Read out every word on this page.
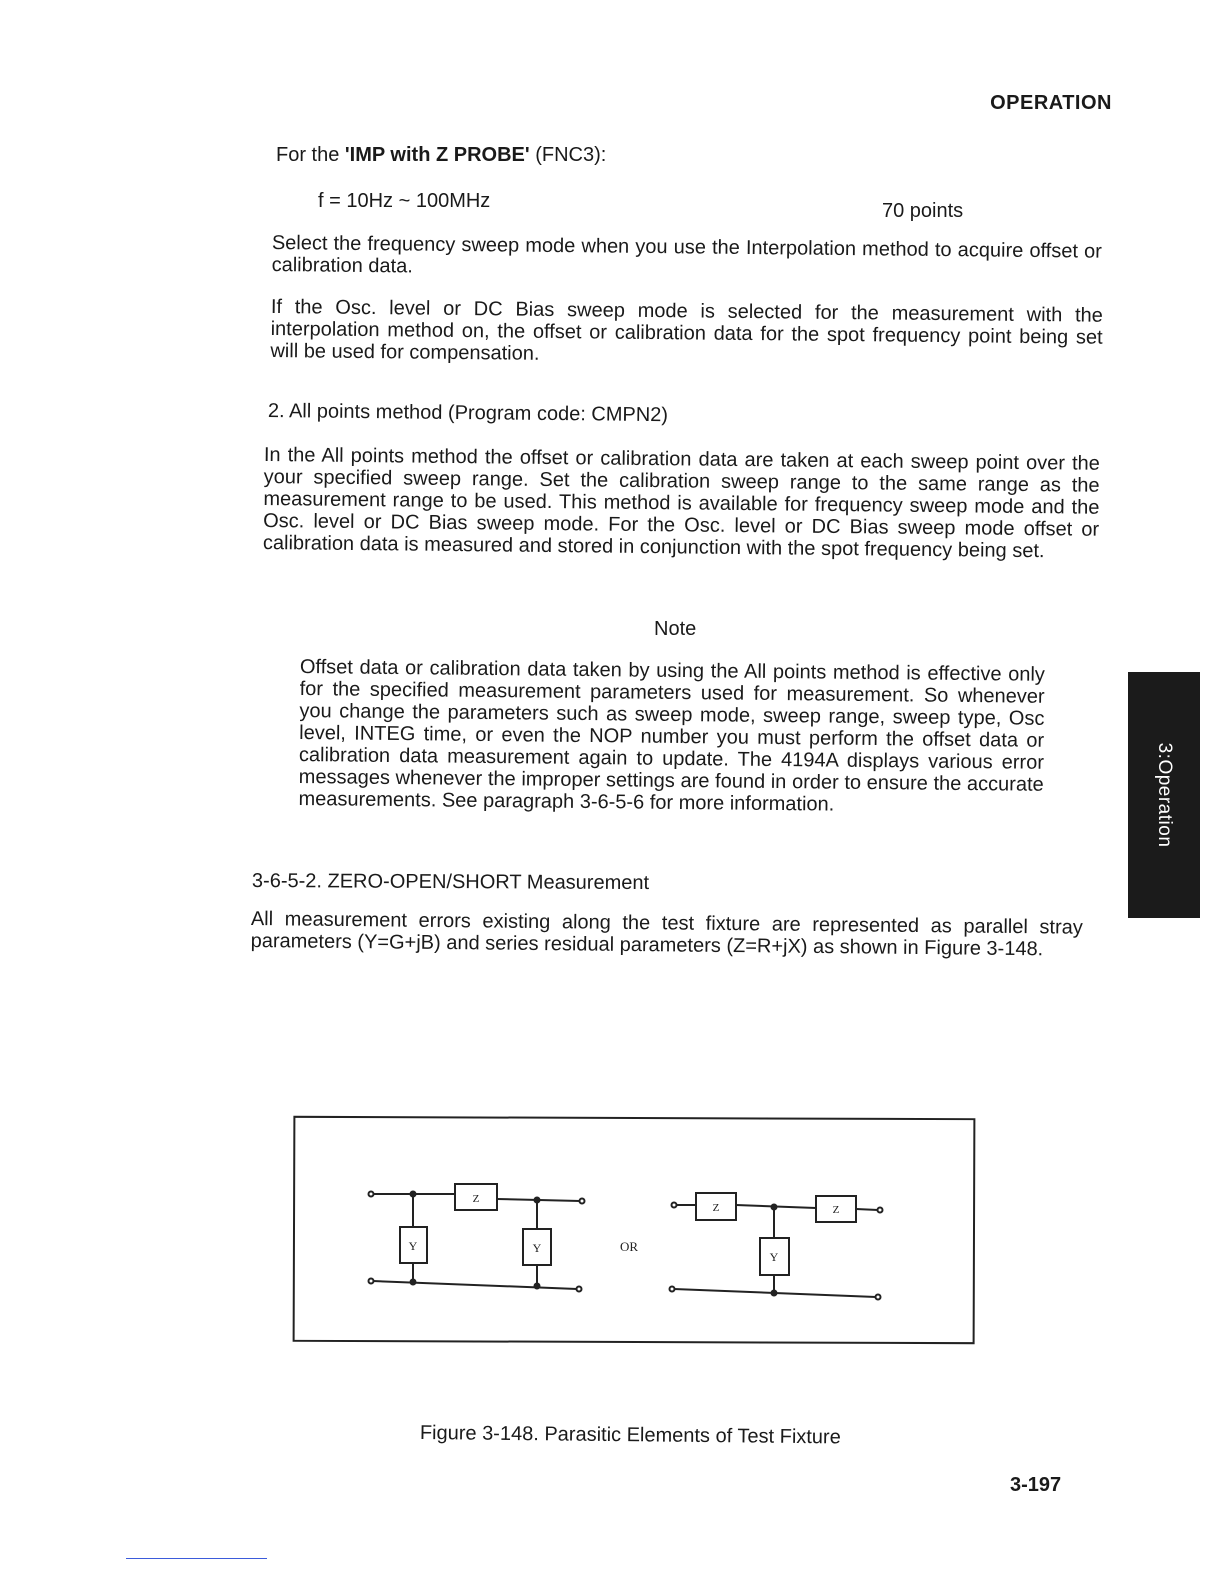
OPERATION
For the 'IMP with Z PROBE' (FNC3):
f = 10Hz ~ 100MHz	70 points
Select the frequency sweep mode when you use the Interpolation method to acquire offset or calibration data.
If the Osc. level or DC Bias sweep mode is selected for the measurement with the interpolation method on, the offset or calibration data for the spot frequency point being set will be used for compensation.
2. All points method (Program code: CMPN2)
In the All points method the offset or calibration data are taken at each sweep point over the your specified sweep range. Set the calibration sweep range to the same range as the measurement range to be used. This method is available for frequency sweep mode and the Osc. level or DC Bias sweep mode. For the Osc. level or DC Bias sweep mode offset or calibration data is measured and stored in conjunction with the spot frequency being set.
Note
Offset data or calibration data taken by using the All points method is effective only for the specified measurement parameters used for measurement. So whenever you change the parameters such as sweep mode, sweep range, sweep type, Osc level, INTEG time, or even the NOP number you must perform the offset data or calibration data measurement again to update. The 4194A displays various error messages whenever the improper settings are found in order to ensure the accurate measurements. See paragraph 3-6-5-6 for more information.
3-6-5-2. ZERO-OPEN/SHORT Measurement
All measurement errors existing along the test fixture are represented as parallel stray parameters (Y=G+jB) and series residual parameters (Z=R+jX) as shown in Figure 3-148.
3:Operation
Z
Y	Y	OR
Z	Z
Y
Figure 3-148. Parasitic Elements of Test Fixture
3-197
